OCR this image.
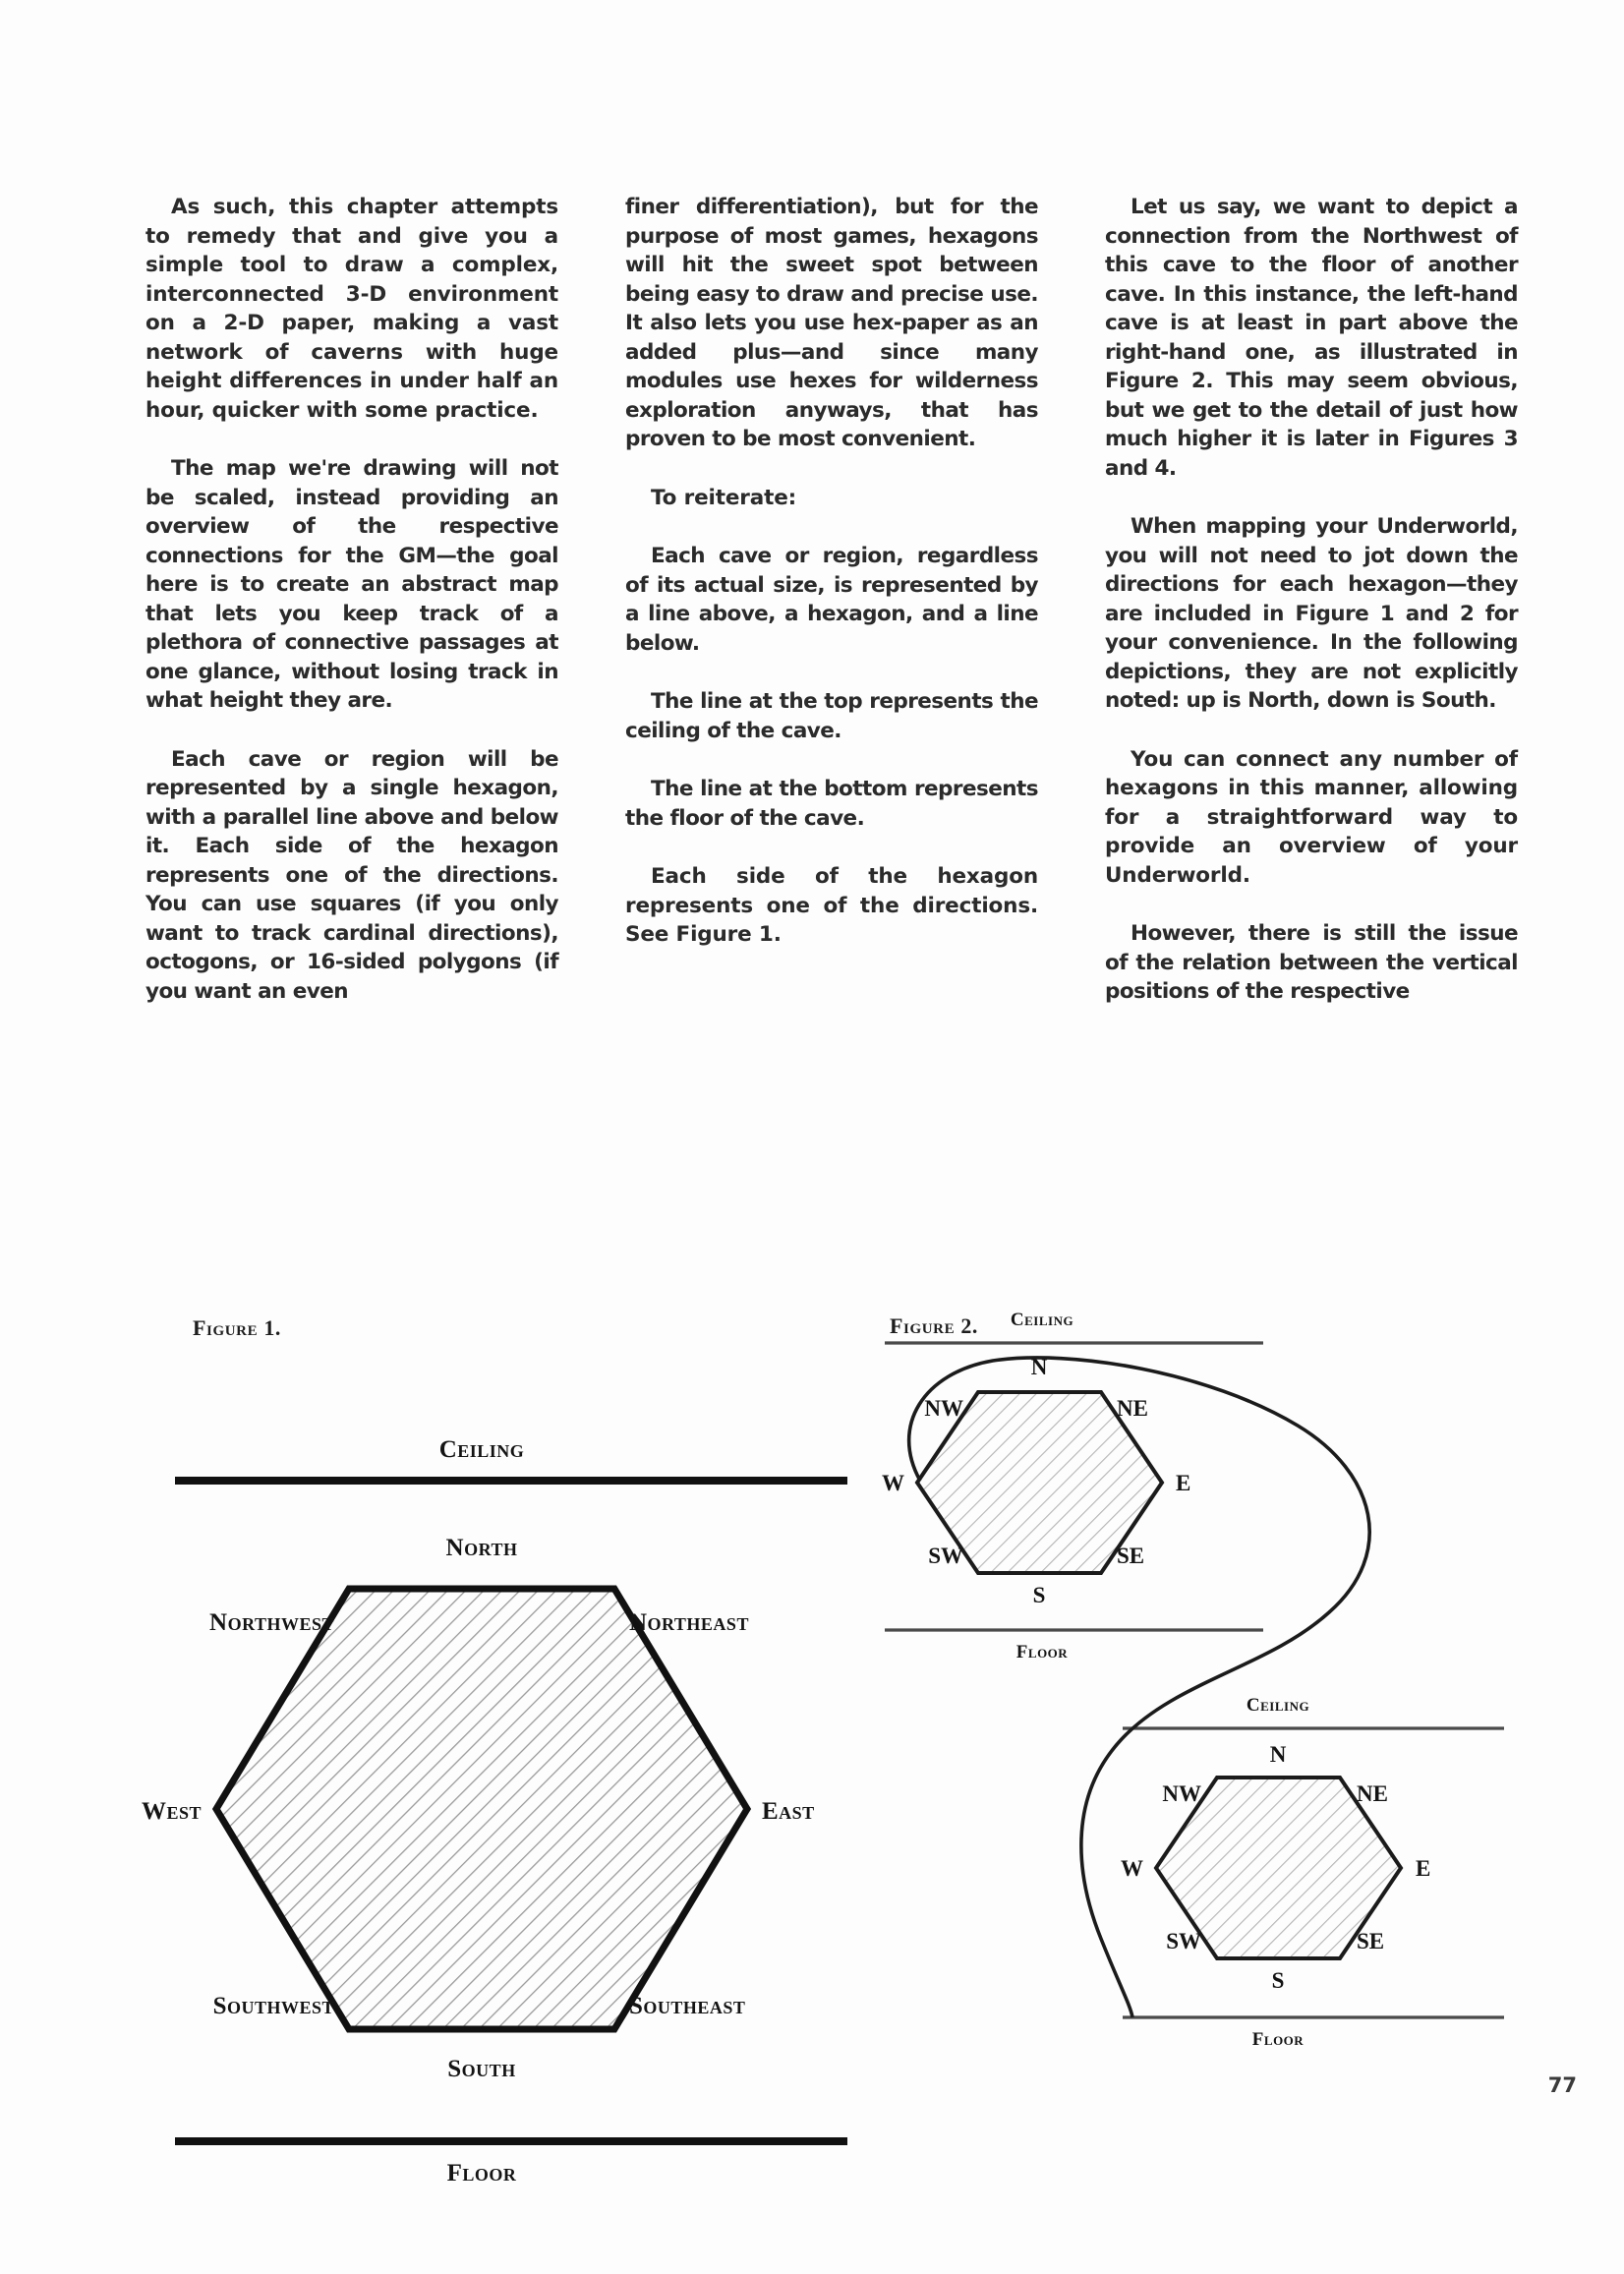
As such, this chapter attempts to remedy that and give you a simple tool to draw a complex, interconnected 3-D environment on a 2-D paper, making a vast network of caverns with huge height differences in under half an hour, quicker with some practice.

The map we're drawing will not be scaled, instead providing an overview of the respective connections for the GM—the goal here is to create an abstract map that lets you keep track of a plethora of connective passages at one glance, without losing track in what height they are.

Each cave or region will be represented by a single hexagon, with a parallel line above and below it. Each side of the hexagon represents one of the directions. You can use squares (if you only want to track cardinal directions), octogons, or 16-sided polygons (if you want an even

finer differentiation), but for the purpose of most games, hexagons will hit the sweet spot between being easy to draw and precise use. It also lets you use hex-paper as an added plus—and since many modules use hexes for wilderness exploration anyways, that has proven to be most convenient.

To reiterate:

Each cave or region, regardless of its actual size, is represented by a line above, a hexagon, and a line below.

The line at the top represents the ceiling of the cave.

The line at the bottom represents the floor of the cave.

Each side of the hexagon represents one of the directions. See Figure 1.

Let us say, we want to depict a connection from the Northwest of this cave to the floor of another cave. In this instance, the left-hand cave is at least in part above the right-hand one, as illustrated in Figure 2. This may seem obvious, but we get to the detail of just how much higher it is later in Figures 3 and 4.

When mapping your Underworld, you will not need to jot down the directions for each hexagon—they are included in Figure 1 and 2 for your convenience. In the following depictions, they are not explicitly noted: up is North, down is South.

You can connect any number of hexagons in this manner, allowing for a straightforward way to provide an overview of your Underworld.

However, there is still the issue of the relation between the vertical positions of the respective

Figure 1.	Figure 2.
Ceiling
North
Northwest	Northeast
West	East
Southwest	Southeast
South
Floor
Ceiling
N
NW	NE
W	E
SW	SE
S
Floor
Ceiling
N
NW	NE
W	E
SW	SE
S
Floor
77
